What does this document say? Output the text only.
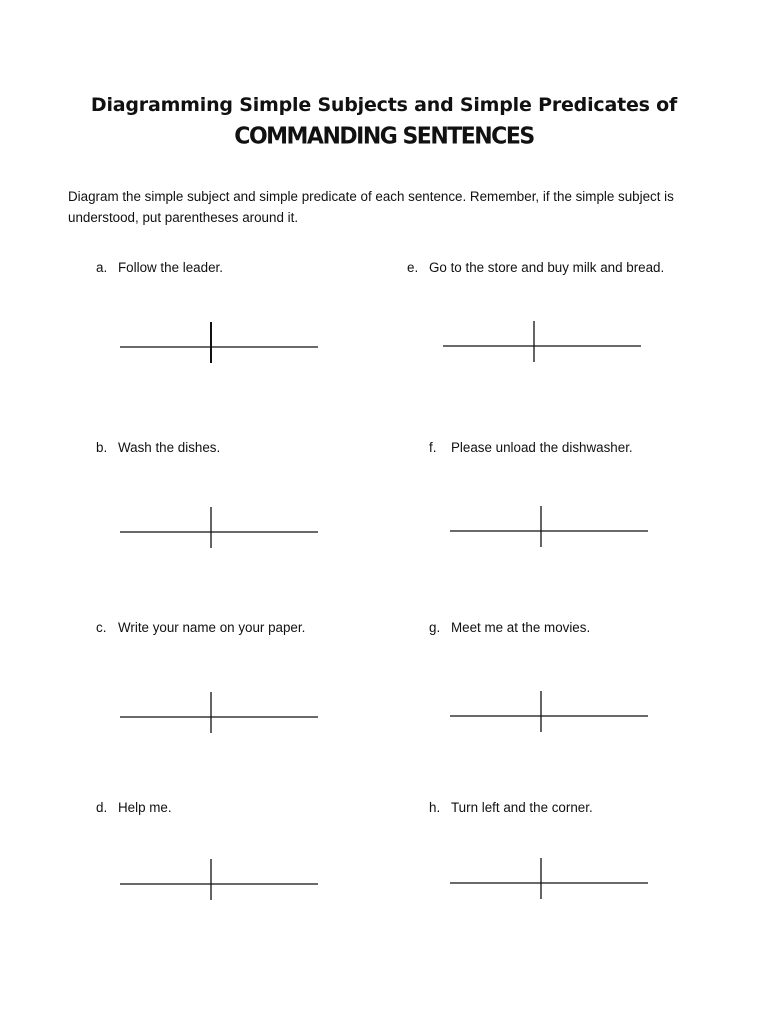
Diagramming Simple Subjects and Simple Predicates of
COMMANDING SENTENCES
Diagram the simple subject and simple predicate of each sentence. Remember, if the simple subject is understood, put parentheses around it.
a. Follow the leader.
b. Wash the dishes.
c. Write your name on your paper.
d. Help me.
e. Go to the store and buy milk and bread.
f. Please unload the dishwasher.
g. Meet me at the movies.
h. Turn left and the corner.
